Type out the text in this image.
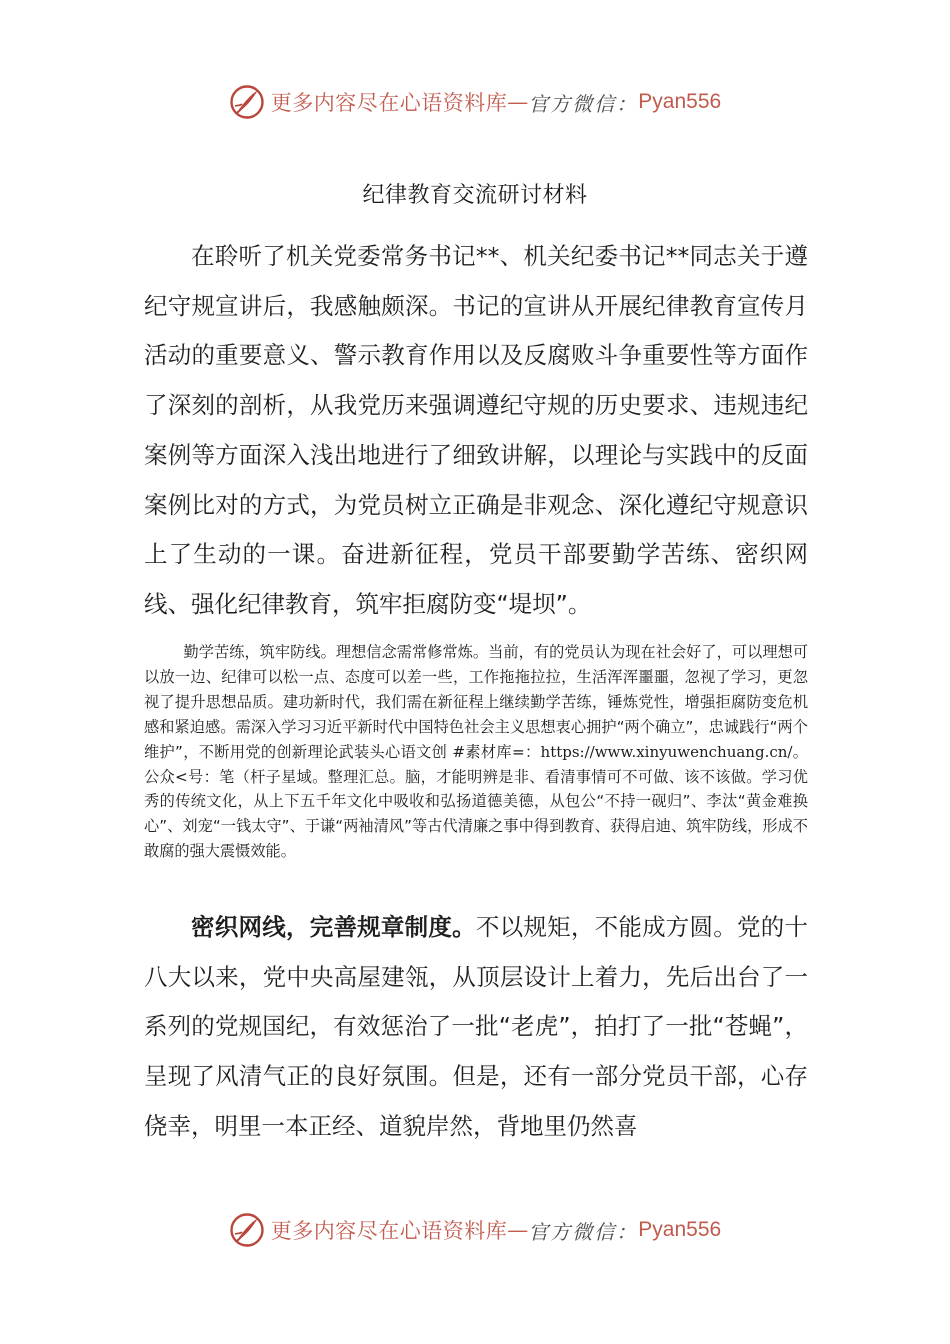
更多内容尽在心语资料库 — 官方微信： Pyan556
纪律教育交流研讨材料

在聆听了机关党委常务书记**、机关纪委书记**同志关于遵纪守规宣讲后，我感触颇深。书记的宣讲从开展纪律教育宣传月活动的重要意义、警示教育作用以及反腐败斗争重要性等方面作了深刻的剖析，从我党历来强调遵纪守规的历史要求、违规违纪案例等方面深入浅出地进行了细致讲解，以理论与实践中的反面案例比对的方式，为党员树立正确是非观念、深化遵纪守规意识上了生动的一课。奋进新征程，党员干部要勤学苦练、密织网线、强化纪律教育，筑牢拒腐防变“堤坝”。

勤学苦练，筑牢防线。理想信念需常修常炼。当前，有的党员认为现在社会好了，可以理想可以放一边、纪律可以松一点、态度可以差一些，工作拖拖拉拉，生活浑浑噩噩，忽视了学习，更忽视了提升思想品质。建功新时代，我们需在新征程上继续勤学苦练，锤炼党性，增强拒腐防变危机感和紧迫感。需深入学习习近平新时代中国特色社会主义思想衷心拥护“两个确立”，忠诚践行“两个维护”，不断用党的创新理论武装头心语文创 #素材库=：https://www.xinyuwenchuang.cn/。公众<号：笔（杆子星域。整理汇总。脑，才能明辨是非、看清事情可不可做、该不该做。学习优秀的传统文化，从上下五千年文化中吸收和弘扬道德美德，从包公“不持一砚归”、李汰“黄金难换心”、刘宠“一钱太守”、于谦“两袖清风”等古代清廉之事中得到教育、获得启迪、筑牢防线，形成不敢腐的强大震慑效能。

密织网线，完善规章制度。不以规矩，不能成方圆。党的十八大以来，党中央高屋建瓴，从顶层设计上着力，先后出台了一系列的党规国纪，有效惩治了一批“老虎”，拍打了一批“苍蝇”，呈现了风清气正的良好氛围。但是，还有一部分党员干部，心存侥幸，明里一本正经、道貌岸然，背地里仍然喜

更多内容尽在心语资料库 — 官方微信： Pyan556
